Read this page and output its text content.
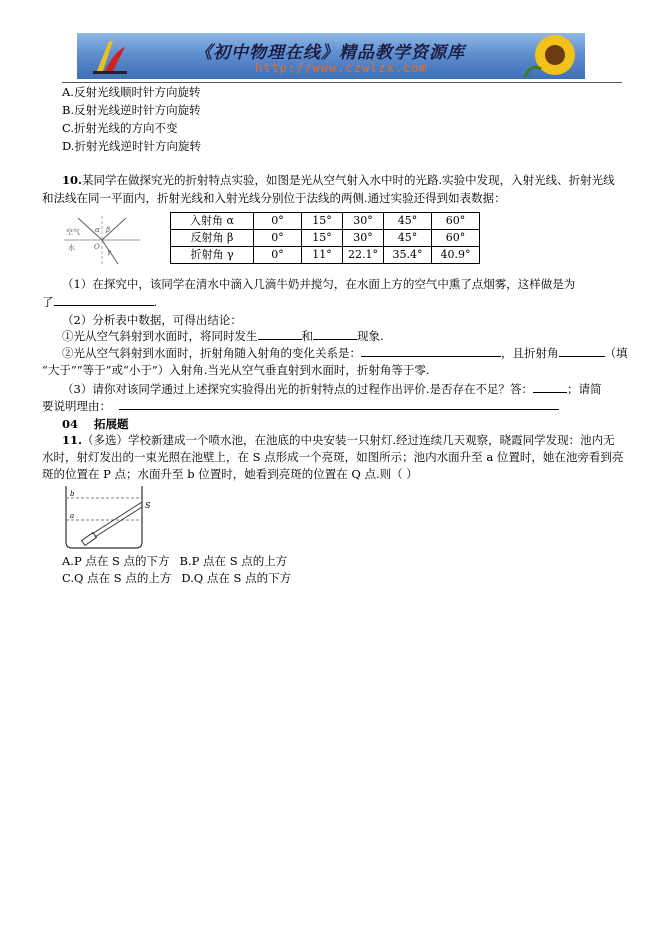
《初中物理在线》精品教学资源库
http://www.czwlzx.com
A.反射光线顺时针方向旋转
B.反射光线逆时针方向旋转
C.折射光线的方向不变
D.折射光线逆时针方向旋转
10.某同学在做探究光的折射特点实验，如图是光从空气射入水中时的光路.实验中发现，入射光线、折射光线
和法线在同一平面内，折射光线和入射光线分别位于法线的两侧.通过实验还得到如表数据：
空气
水	O
α β
γ
入射角 α	0°	15°	30°	45°	60°
反射角 β	0°	15°	30°	45°	60°
折射角 γ	0°	11°	22.1°	35.4°	40.9°
（1）在探究中，该同学在清水中滴入几滴牛奶并搅匀，在水面上方的空气中熏了点烟雾，这样做是为
了	.
（2）分析表中数据，可得出结论：
①光从空气斜射到水面时，将同时发生	和	现象.
②光从空气斜射到水面时，折射角随入射角的变化关系是：	，且折射角	（填
“大于”“等于”或“小于”）入射角.当光从空气垂直射到水面时，折射角等于零.
（3）请你对该同学通过上述探究实验得出光的折射特点的过程作出评价.是否存在不足？答：	；请简
要说明理由：
04 拓展题
11.（多选）学校新建成一个喷水池，在池底的中央安装一只射灯.经过连续几天观察，晓霞同学发现：池内无
水时，射灯发出的一束光照在池壁上，在 S 点形成一个亮斑，如图所示；池内水面升至 a 位置时，她在池旁看到亮
斑的位置在 P 点；水面升至 b 位置时，她看到亮斑的位置在 Q 点.则（ ）
b
a
S
A.P 点在 S 点的下方 B.P 点在 S 点的上方
C.Q 点在 S 点的上方 D.Q 点在 S 点的下方
